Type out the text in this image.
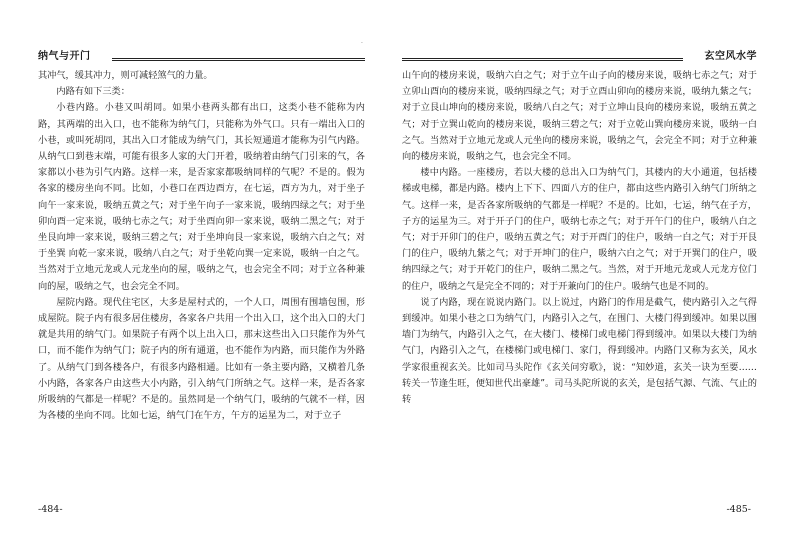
·
纳气与开门

其冲气，缓其冲力，则可减轻煞气的力量。

内路有如下三类：

小巷内路。小巷又叫胡同。如果小巷两头都有出口，这类小巷不能称为内路，其两端的出入口，也不能称为纳气门，只能称为外气口。只有一端出入口的小巷，或叫死胡同，其出入口才能成为纳气门，其长短通道才能称为引气内路。从纳气口到巷末端，可能有很多人家的大门开着，吸纳着由纳气门引来的气，各家都以小巷为引气内路。这样一来，是否家家都吸纳同样的气呢？不是的。假为各家的楼房坐向不同。比如，小巷口在西边酉方，在七运，酉方为九，对于坐子向午一家来说，吸纳五黄之气；对于坐午向子一家来说，吸纳四绿之气；对于坐卯向酉一定来说，吸纳七赤之气；对于坐酉向卯一家来说，吸纳二黑之气；对于坐艮向坤一家来说，吸纳三碧之气；对于坐坤向艮一家来说，吸纳六白之气；对于坐巽 向乾一家来说，吸纳八白之气；对于坐乾向巽一定来说，吸纳一白之气。当然对于立地元龙或人元龙坐向的屋，吸纳之气，也会完全不同；对于立各种兼向的屋，吸纳之气，也会完全不同。

屋院内路。现代住宅区，大多是屋村式的，一个人口，周围有围墙包围，形成屋院。院子内有很多居住楼房，各家各户共用一个出入口，这个出入口的大门就是共用的纳气门。如果院子有两个以上出入口，那末这些出入口只能作为外气口，而不能作为纳气门；院子内的所有通道，也不能作为内路，而只能作为外路了。从纳气门到各楼各户，有很多内路相通。比如有一条主要内路，又横着几条小内路，各家各户由这些大小内路，引入纳气门所纳之气。这样一来，是否各家所吸纳的气都是一样呢？不是的。虽然同是一个纳气门，吸纳的气就不一样，因为各楼的坐向不同。比如七运，纳气门在午方，午方的运星为二，对于立子

-484-
玄空风水学

山午向的楼房来说，吸纳六白之气；对于立午山子向的楼房来说，吸纳七赤之气；对于立卯山酉向的楼房来说，吸纳四绿之气；对于立酉山卯向的楼房来说，吸纳九紫之气；对于立艮山坤向的楼房来说，吸纳八白之气；对于立坤山艮向的楼房来说，吸纳五黄之气；对于立巽山乾向的楼房来说，吸纳三碧之气；对于立乾山巽向楼房来说，吸纳一白之气。当然对于立地元龙或人元坐向的楼房来说，吸纳之气，会完全不同；对于立种兼向的楼房来说，吸纳之气，也会完全不同。

楼中内路。一座楼房，若以大楼的总出入口为纳气门，其楼内的大小通道，包括楼梯或电梯，都是内路。楼内上下下、四面八方的住户，都由这些内路引入纳气门所纳之气。这样一来，是否各家所吸纳的气都是一样呢？不是的。比如，七运，纳气在子方，子方的运星为三。对于开子门的住户，吸纳七赤之气；对于开午门的住户，吸纳八白之气；对于开卯门的住户，吸纳五黄之气；对于开酉门的住户，吸纳一白之气；对于开艮门的住户，吸纳九紫之气；对于开坤门的住户，吸纳六白之气；对于开巽门的住户，吸纳四绿之气；对于开乾门的住户，吸纳二黑之气。当然，对于开地元龙或人元龙方位门的住户，吸纳之气是完全不同的；对于开兼向门的住户。吸纳气也是不同的。

说了内路，现在说说内路门。以上说过，内路门的作用是截气，使内路引入之气得到缓冲。如果小巷之口为纳气门，内路引入之气，在围门、大楼门得到缓冲。如果以围墙门为纳气，内路引入之气，在大楼门、楼梯门或电梯门得到缓冲。如果以大楼门为纳气门，内路引入之气，在楼梯门或电梯门、家门，得到缓冲。内路门又称为玄关，风水学家很重视玄关。比如司马头陀作《玄关问穷歌》，说：“知妙道，玄关一诀为至要……转关一节逢生旺，便知世代出豪雄”。司马头陀所说的玄关，是包括气源、气流、气止的转

-485-
